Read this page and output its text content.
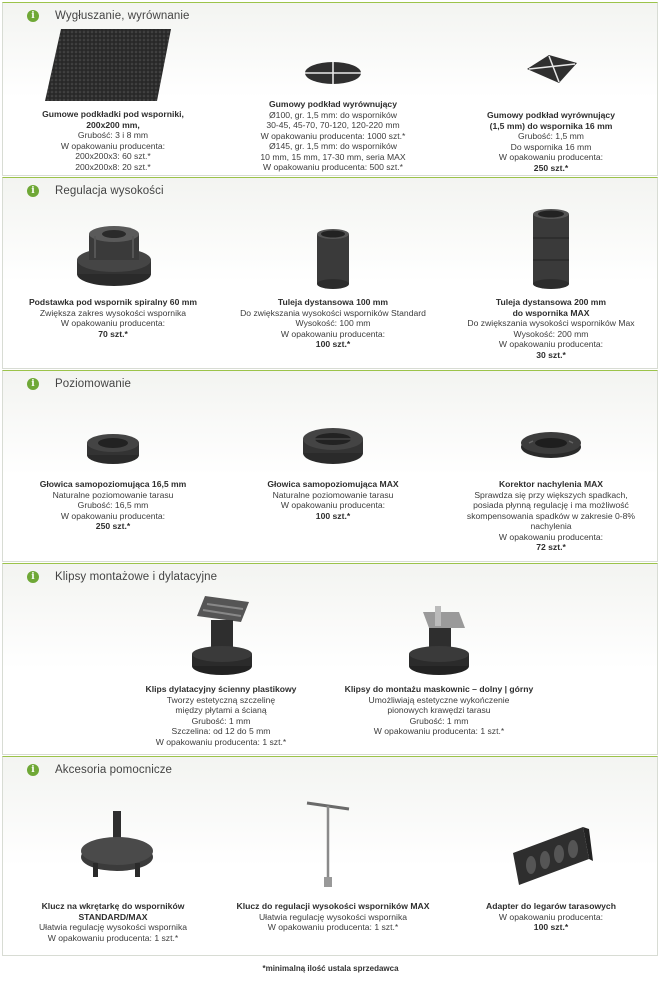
i	Wygłuszanie, wyrównanie
Gumowe podkładki pod wsporniki,
200x200 mm,
Grubość: 3 i 8 mm
W opakowaniu producenta:
200x200x3: 60 szt.*
200x200x8: 20 szt.*
Gumowy podkład wyrównujący
Ø100, gr. 1,5 mm: do wsporników
30-45, 45-70, 70-120, 120-220 mm
W opakowaniu producenta: 1000 szt.*
Ø145, gr. 1,5 mm: do wsporników
10 mm, 15 mm, 17-30 mm, seria MAX
W opakowaniu producenta: 500 szt.*
Gumowy podkład wyrównujący
(1,5 mm) do wspornika 16 mm
Grubość: 1,5 mm
Do wspornika 16 mm
W opakowaniu producenta:
250 szt.*
i	Regulacja wysokości
Podstawka pod wspornik spiralny 60 mm
Zwiększa zakres wysokości wspornika
W opakowaniu producenta:
70 szt.*
Tuleja dystansowa 100 mm
Do zwiększania wysokości wsporników Standard
Wysokość: 100 mm
W opakowaniu producenta:
100 szt.*
Tuleja dystansowa 200 mm
do wspornika MAX
Do zwiększania wysokości wsporników Max
Wysokość: 200 mm
W opakowaniu producenta:
30 szt.*
i	Poziomowanie
Głowica samopoziomująca 16,5 mm
Naturalne poziomowanie tarasu
Grubość: 16,5 mm
W opakowaniu producenta:
250 szt.*
Głowica samopoziomująca MAX
Naturalne poziomowanie tarasu
W opakowaniu producenta:
100 szt.*
Korektor nachylenia MAX
Sprawdza się przy większych spadkach,
posiada płynną regulację i ma możliwość
skompensowania spadków w zakresie 0-8%
nachylenia
W opakowaniu producenta:
72 szt.*
i	Klipsy montażowe i dylatacyjne
Klips dylatacyjny ścienny plastikowy
Tworzy estetyczną szczelinę
między płytami a ścianą
Grubość: 1 mm
Szczelina: od 12 do 5 mm
W opakowaniu producenta: 1 szt.*
Klipsy do montażu maskownic – dolny | górny
Umożliwiają estetyczne wykończenie
pionowych krawędzi tarasu
Grubość: 1 mm
W opakowaniu producenta: 1 szt.*
i	Akcesoria pomocnicze
Klucz na wkrętarkę do wsporników
STANDARD/MAX
Ułatwia regulację wysokości wspornika
W opakowaniu producenta: 1 szt.*
Klucz do regulacji wysokości wsporników MAX
Ułatwia regulację wysokości wspornika
W opakowaniu producenta: 1 szt.*
Adapter do legarów tarasowych
W opakowaniu producenta:
100 szt.*
*minimalną ilość ustala sprzedawca
